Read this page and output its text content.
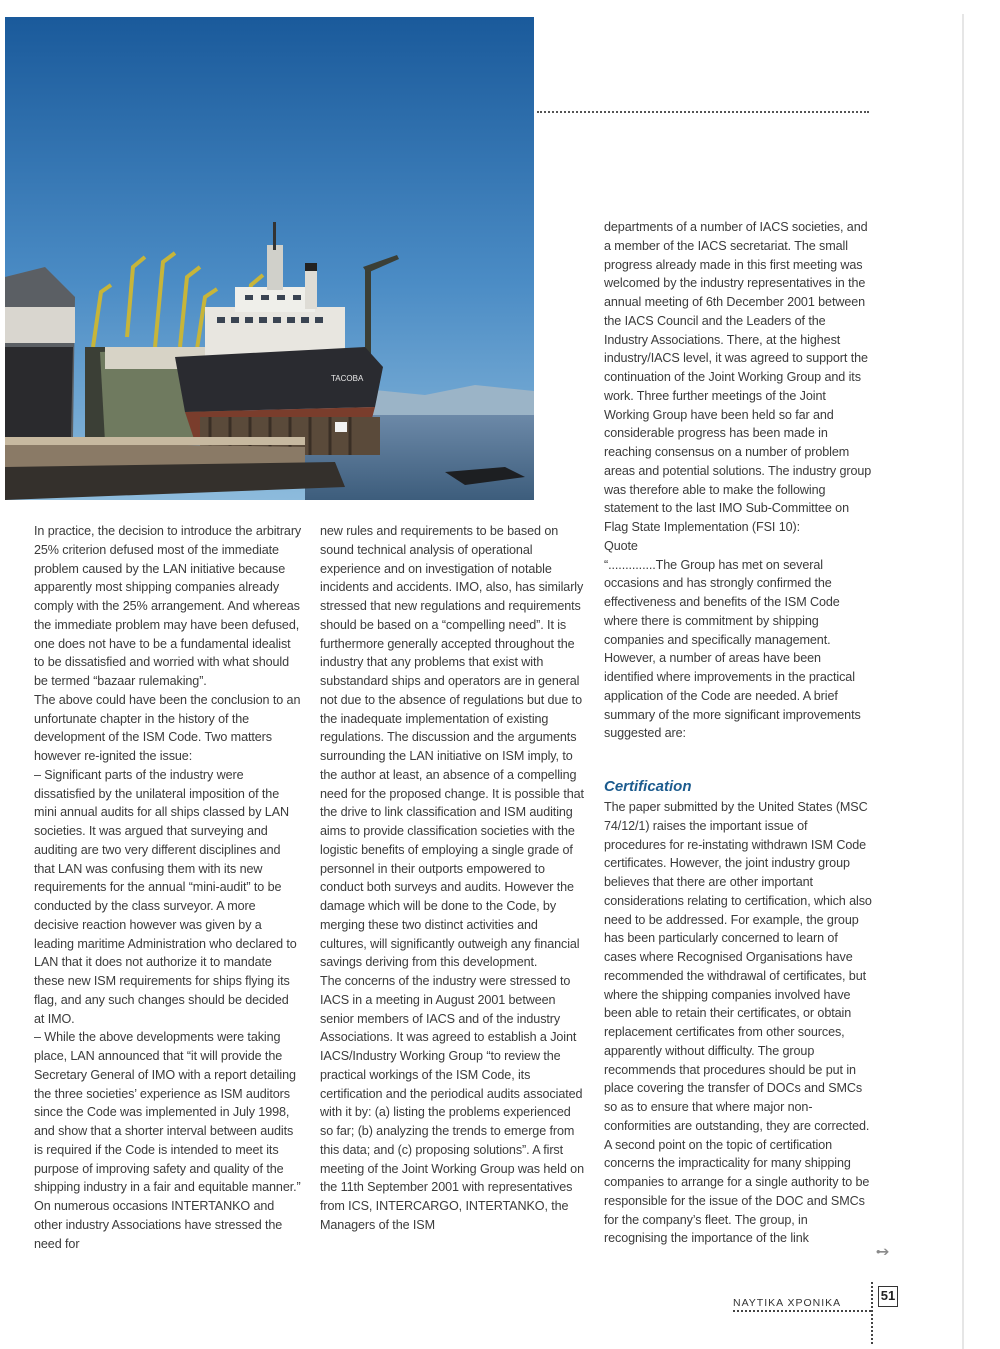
TACOBA

In practice, the decision to introduce the arbitrary 25% criterion defused most of the immediate problem caused by the LAN initiative because apparently most shipping companies already comply with the 25% arrangement. And whereas the immediate problem may have been defused, one does not have to be a fundamental idealist to be dissatisfied and worried with what should be termed “bazaar rulemaking”.

The above could have been the conclusion to an unfortunate chapter in the history of the development of the ISM Code. Two matters however re-ignited the issue:

– Significant parts of the industry were dissatisfied by the unilateral imposition of the mini annual audits for all ships classed by LAN societies. It was argued that surveying and auditing are two very different disciplines and that LAN was confusing them with its new requirements for the annual “mini-audit” to be conducted by the class surveyor. A more decisive reaction however was given by a leading maritime Administration who declared to LAN that it does not authorize it to mandate these new ISM requirements for ships flying its flag, and any such changes should be decided at IMO.

– While the above developments were taking place, LAN announced that “it will provide the Secretary General of IMO with a report detailing the three societies’ experience as ISM auditors since the Code was implemented in July 1998, and show that a shorter interval between audits is required if the Code is intended to meet its purpose of improving safety and quality of the shipping industry in a fair and equitable manner.”

On numerous occasions INTERTANKO and other industry Associations have stressed the need for

new rules and requirements to be based on sound technical analysis of operational experience and on investigation of notable incidents and accidents. IMO, also, has similarly stressed that new regulations and requirements should be based on a “compelling need”. It is furthermore generally accepted throughout the industry that any problems that exist with substandard ships and operators are in general not due to the absence of regulations but due to the inadequate implementation of existing regulations. The discussion and the arguments surrounding the LAN initiative on ISM imply, to the author at least, an absence of a compelling need for the proposed change. It is possible that the drive to link classification and ISM auditing aims to provide classification societies with the logistic benefits of employing a single grade of personnel in their outports empowered to conduct both surveys and audits. However the damage which will be done to the Code, by merging these two distinct activities and cultures, will significantly outweigh any financial savings deriving from this development.

The concerns of the industry were stressed to IACS in a meeting in August 2001 between senior members of IACS and of the industry Associations. It was agreed to establish a Joint IACS/Industry Working Group “to review the practical workings of the ISM Code, its certification and the periodical audits associated with it by: (a) listing the problems experienced so far; (b) analyzing the trends to emerge from this data; and (c) proposing solutions”. A first meeting of the Joint Working Group was held on the 11th September 2001 with representatives from ICS, INTERCARGO, INTERTANKO, the Managers of the ISM

departments of a number of IACS societies, and a member of the IACS secretariat. The small progress already made in this first meeting was welcomed by the industry representatives in the annual meeting of 6th December 2001 between the IACS Council and the Leaders of the Industry Associations. There, at the highest industry/IACS level, it was agreed to support the continuation of the Joint Working Group and its work. Three further meetings of the Joint Working Group have been held so far and considerable progress has been made in reaching consensus on a number of problem areas and potential solutions. The industry group was therefore able to make the following statement to the last IMO Sub-Committee on Flag State Implementation (FSI 10):

Quote

“..............The Group has met on several occasions and has strongly confirmed the effectiveness and benefits of the ISM Code where there is commitment by shipping companies and specifically management. However, a number of areas have been identified where improvements in the practical application of the Code are needed. A brief summary of the more significant improvements suggested are:

Certification

The paper submitted by the United States (MSC 74/12/1) raises the important issue of procedures for re-instating withdrawn ISM Code certificates. However, the joint industry group believes that there are other important considerations relating to certification, which also need to be addressed. For example, the group has been particularly concerned to learn of cases where Recognised Organisations have recommended the withdrawal of certificates, but where the shipping companies involved have been able to retain their certificates, or obtain replacement certificates from other sources, apparently without difficulty. The group recommends that procedures should be put in place covering the transfer of DOCs and SMCs so as to ensure that where major non-conformities are outstanding, they are corrected.

A second point on the topic of certification concerns the impracticality for many shipping companies to arrange for a single authority to be responsible for the issue of the DOC and SMCs for the company’s fleet. The group, in recognising the importance of the link

•➔
ΝΑΥΤΙΚΑ ΧΡΟΝΙΚΑ	51
